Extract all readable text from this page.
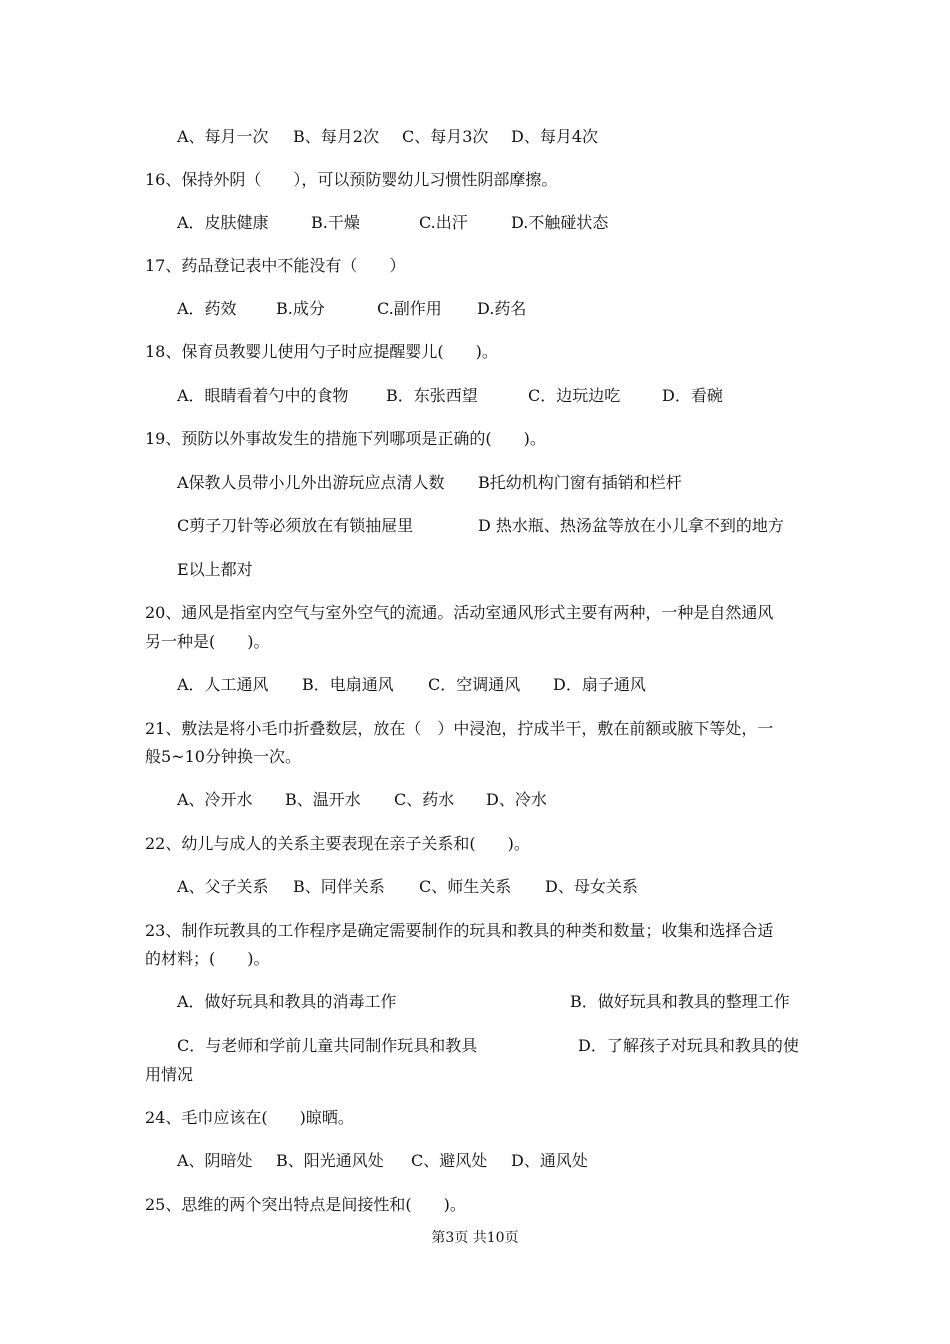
A、每月一次 B、每月2次 C、每月3次 D、每月4次
16、保持外阴（　　），可以预防婴幼儿习惯性阴部摩擦。
A．皮肤健康	B.干燥	C.出汗	D.不触碰状态
17、药品登记表中不能没有（　　）
A．药效 B.成分	C.副作用 D.药名
18、保育员教婴儿使用勺子时应提醒婴儿(　　)。
A．眼睛看着勺中的食物 B．东张西望	C．边玩边吃	D．看碗
19、预防以外事故发生的措施下列哪项是正确的(　　)。
A保教人员带小儿外出游玩应点清人数 B托幼机构门窗有插销和栏杆
C剪子刀针等必须放在有锁抽屉里	D 热水瓶、热汤盆等放在小儿拿不到的地方
E以上都对
20、通风是指室内空气与室外空气的流通。活动室通风形式主要有两种，一种是自然通风
另一种是(　　)。
A．人工通风 B．电扇通风 C．空调通风 D．扇子通风
21、敷法是将小毛巾折叠数层，放在（　）中浸泡，拧成半干，敷在前额或腋下等处，一
般5~10分钟换一次。
A、冷开水 B、温开水 C、药水 D、冷水
22、幼儿与成人的关系主要表现在亲子关系和(　　)。
A、父子关系 B、同伴关系 C、师生关系 D、母女关系
23、制作玩教具的工作程序是确定需要制作的玩具和教具的种类和数量；收集和选择合适
的材料；(　　)。
A．做好玩具和教具的消毒工作	B．做好玩具和教具的整理工作
C．与老师和学前儿童共同制作玩具和教具	D．了解孩子对玩具和教具的使
用情况
24、毛巾应该在(　　)晾晒。
A、阴暗处 B、阳光通风处 C、避风处 D、通风处
25、思维的两个突出特点是间接性和(　　)。
第3页 共10页
